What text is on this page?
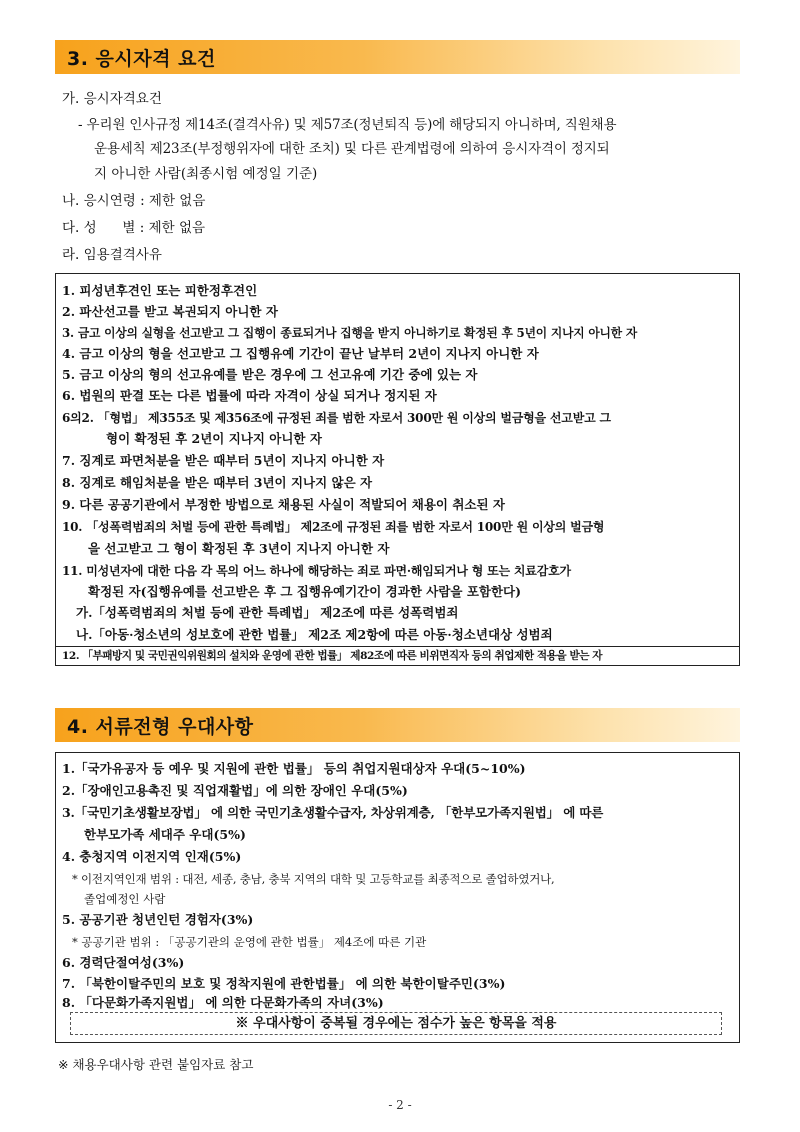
3. 응시자격 요건
가. 응시자격요건
- 우리원 인사규정 제14조(결격사유) 및 제57조(정년퇴직 등)에 해당되지 아니하며, 직원채용
운용세칙 제23조(부정행위자에 대한 조치) 및 다른 관계법령에 의하여 응시자격이 정지되
지 아니한 사람(최종시험 예정일 기준)
나. 응시연령 : 제한 없음
다. 성      별 : 제한 없음
라. 임용결격사유
1. 피성년후견인 또는 피한정후견인
2. 파산선고를 받고 복권되지 아니한 자
3. 금고 이상의 실형을 선고받고 그 집행이 종료되거나 집행을 받지 아니하기로 확정된 후 5년이 지나지 아니한 자
4. 금고 이상의 형을 선고받고 그 집행유예 기간이 끝난 날부터 2년이 지나지 아니한 자
5. 금고 이상의 형의 선고유예를 받은 경우에 그 선고유예 기간 중에 있는 자
6. 법원의 판결 또는 다른 법률에 따라 자격이 상실 되거나 정지된 자
6의2. 「형법」 제355조 및 제356조에 규정된 죄를 범한 자로서 300만 원 이상의 벌금형을 선고받고 그
형이 확정된 후 2년이 지나지 아니한 자
7. 징계로 파면처분을 받은 때부터 5년이 지나지 아니한 자
8. 징계로 해임처분을 받은 때부터 3년이 지나지 않은 자
9. 다른 공공기관에서 부정한 방법으로 채용된 사실이 적발되어 채용이 취소된 자
10. 「성폭력범죄의 처벌 등에 관한 특례법」 제2조에 규정된 죄를 범한 자로서 100만 원 이상의 벌금형
을 선고받고 그 형이 확정된 후 3년이 지나지 아니한 자
11. 미성년자에 대한 다음 각 목의 어느 하나에 해당하는 죄로 파면·해임되거나 형 또는 치료감호가
확정된 자(집행유예를 선고받은 후 그 집행유예기간이 경과한 사람을 포함한다)
가.「성폭력범죄의 처벌 등에 관한 특례법」 제2조에 따른 성폭력범죄
나.「아동·청소년의 성보호에 관한 법률」 제2조 제2항에 따른 아동·청소년대상 성범죄
12. 「부패방지 및 국민권익위원회의 설치와 운영에 관한 법률」 제82조에 따른 비위면직자 등의 취업제한 적용을 받는 자
4. 서류전형 우대사항
1.「국가유공자 등 예우 및 지원에 관한 법률」 등의 취업지원대상자 우대(5~10%)
2.「장애인고용촉진 및 직업재활법」에 의한 장애인 우대(5%)
3.「국민기초생활보장법」 에 의한 국민기초생활수급자, 차상위계층, 「한부모가족지원법」 에 따른
한부모가족 세대주 우대(5%)
4. 충청지역 이전지역 인재(5%)
* 이전지역인재 범위 : 대전, 세종, 충남, 충북 지역의 대학 및 고등학교를 최종적으로 졸업하였거나,
졸업예정인 사람
5. 공공기관 청년인턴 경험자(3%)
* 공공기관 범위 : 「공공기관의 운영에 관한 법률」 제4조에 따른 기관
6. 경력단절여성(3%)
7. 「북한이탈주민의 보호 및 정착지원에 관한법률」 에 의한 북한이탈주민(3%)
8. 「다문화가족지원법」 에 의한 다문화가족의 자녀(3%)
※ 우대사항이 중복될 경우에는 점수가 높은 항목을 적용
※ 채용우대사항 관련 붙임자료 참고
- 2 -
